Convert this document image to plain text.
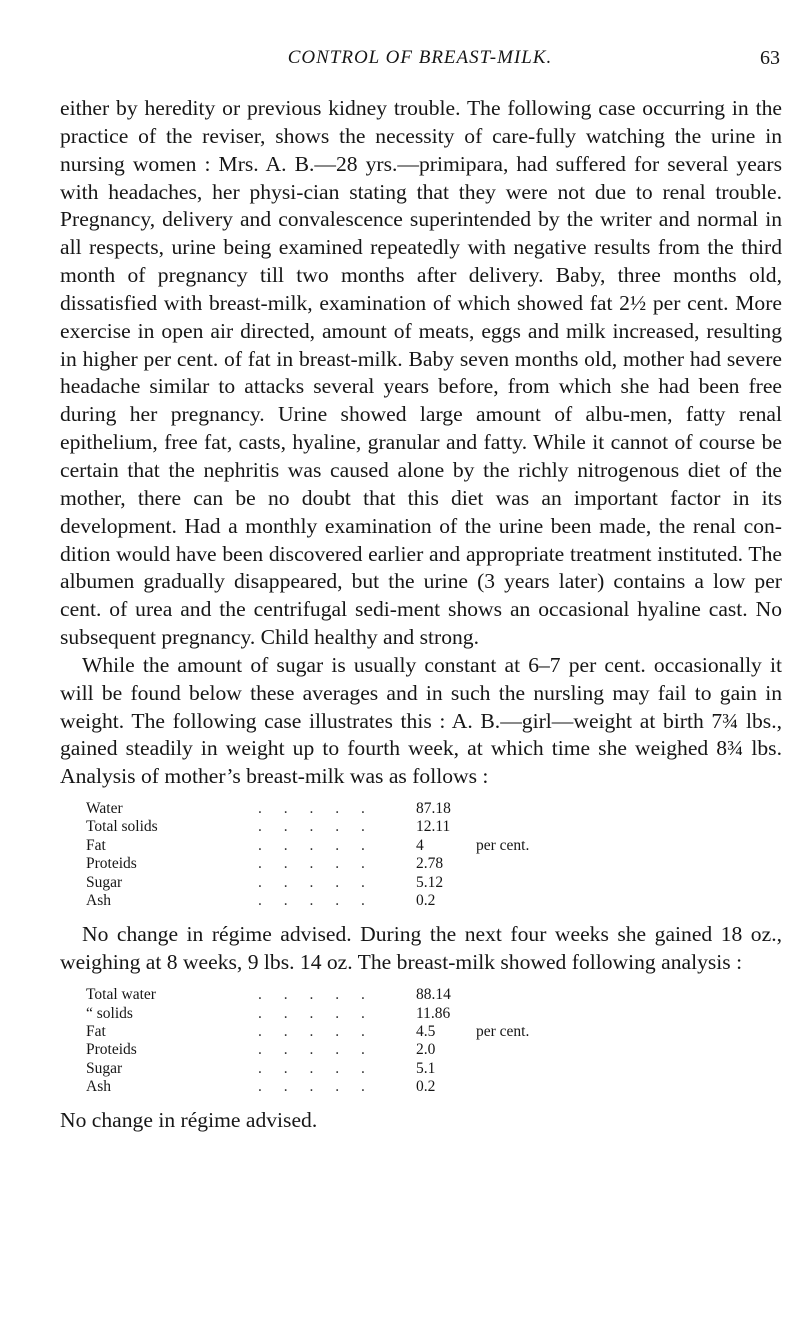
CONTROL OF BREAST-MILK.	63

either by heredity or previous kidney trouble. The following case occurring in the practice of the reviser, shows the necessity of care-fully watching the urine in nursing women : Mrs. A. B.—28 yrs.—primipara, had suffered for several years with headaches, her physi-cian stating that they were not due to renal trouble. Pregnancy, delivery and convalescence superintended by the writer and normal in all respects, urine being examined repeatedly with negative results from the third month of pregnancy till two months after delivery. Baby, three months old, dissatisfied with breast-milk, examination of which showed fat 2½ per cent. More exercise in open air directed, amount of meats, eggs and milk increased, resulting in higher per cent. of fat in breast-milk. Baby seven months old, mother had severe headache similar to attacks several years before, from which she had been free during her pregnancy. Urine showed large amount of albu-men, fatty renal epithelium, free fat, casts, hyaline, granular and fatty. While it cannot of course be certain that the nephritis was caused alone by the richly nitrogenous diet of the mother, there can be no doubt that this diet was an important factor in its development. Had a monthly examination of the urine been made, the renal con-dition would have been discovered earlier and appropriate treatment instituted. The albumen gradually disappeared, but the urine (3 years later) contains a low per cent. of urea and the centrifugal sedi-ment shows an occasional hyaline cast. No subsequent pregnancy. Child healthy and strong.

While the amount of sugar is usually constant at 6–7 per cent. occasionally it will be found below these averages and in such the nursling may fail to gain in weight. The following case illustrates this : A. B.—girl—weight at birth 7¾ lbs., gained steadily in weight up to fourth week, at which time she weighed 8¾ lbs. Analysis of mother’s breast-milk was as follows :

Water	. . . . .	87.18
Total solids	. . . . .	12.11
Fat	. . . . .	4	per cent.
Proteids	. . . . .	2.78
Sugar	. . . . .	5.12
Ash	. . . . .	0.2

No change in régime advised. During the next four weeks she gained 18 oz., weighing at 8 weeks, 9 lbs. 14 oz. The breast-milk showed following analysis :

Total water	. . . . .	88.14
“ solids	. . . . .	11.86
Fat	. . . . .	4.5	per cent.
Proteids	. . . . .	2.0
Sugar	. . . . .	5.1
Ash	. . . . .	0.2

No change in régime advised.
